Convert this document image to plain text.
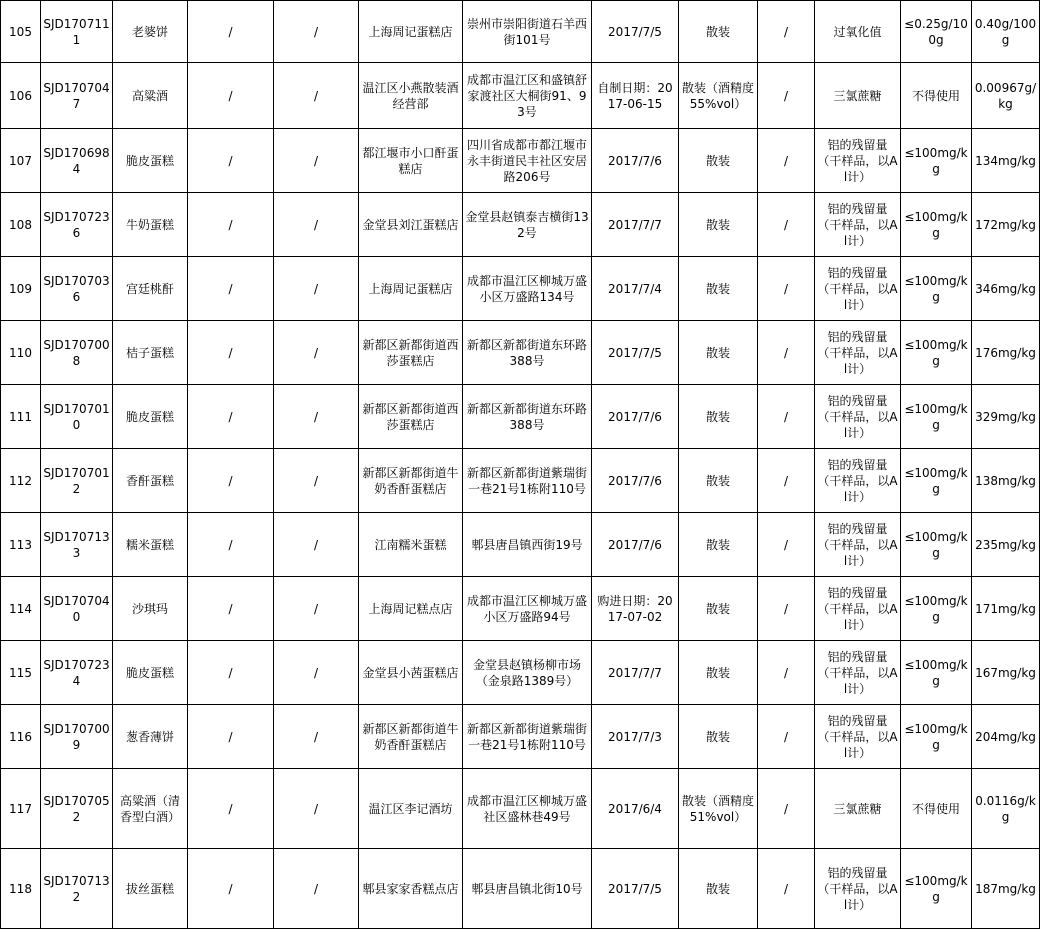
105	SJD1707111	老婆饼	/	/	上海周记蛋糕店	崇州市崇阳街道石羊西街101号	2017/7/5	散装	/	过氧化值	≤0.25g/100g	0.40g/100g
106	SJD1707047	高粱酒	/	/	温江区小燕散装酒经营部	成都市温江区和盛镇舒家渡社区大桐街91、93号	自制日期：2017-06-15	散装（酒精度55%vol）	/	三氯蔗糖	不得使用	0.00967g/kg
107	SJD1706984	脆皮蛋糕	/	/	都江堰市小口酐蛋糕店	四川省成都市都江堰市永丰街道民丰社区安居路206号	2017/7/6	散装	/	铝的残留量（干样品，以Al计）	≤100mg/kg	134mg/kg
108	SJD1707236	牛奶蛋糕	/	/	金堂县刘江蛋糕店	金堂县赵镇泰吉横街132号	2017/7/7	散装	/	铝的残留量（干样品，以Al计）	≤100mg/kg	172mg/kg
109	SJD1707036	宫廷桃酐	/	/	上海周记蛋糕店	成都市温江区柳城万盛小区万盛路134号	2017/7/4	散装	/	铝的残留量（干样品，以Al计）	≤100mg/kg	346mg/kg
110	SJD1707008	桔子蛋糕	/	/	新都区新都街道西莎蛋糕店	新都区新都街道东环路388号	2017/7/5	散装	/	铝的残留量（干样品，以Al计）	≤100mg/kg	176mg/kg
111	SJD1707010	脆皮蛋糕	/	/	新都区新都街道西莎蛋糕店	新都区新都街道东环路388号	2017/7/6	散装	/	铝的残留量（干样品，以Al计）	≤100mg/kg	329mg/kg
112	SJD1707012	香酐蛋糕	/	/	新都区新都街道牛奶香酐蛋糕店	新都区新都街道紫瑞街一巷21号1栋附110号	2017/7/6	散装	/	铝的残留量（干样品，以Al计）	≤100mg/kg	138mg/kg
113	SJD1707133	糯米蛋糕	/	/	江南糯米蛋糕	郫县唐昌镇西街19号	2017/7/6	散装	/	铝的残留量（干样品，以Al计）	≤100mg/kg	235mg/kg
114	SJD1707040	沙琪玛	/	/	上海周记糕点店	成都市温江区柳城万盛小区万盛路94号	购进日期：2017-07-02	散装	/	铝的残留量（干样品，以Al计）	≤100mg/kg	171mg/kg
115	SJD1707234	脆皮蛋糕	/	/	金堂县小茜蛋糕店	金堂县赵镇杨柳市场（金泉路1389号）	2017/7/7	散装	/	铝的残留量（干样品，以Al计）	≤100mg/kg	167mg/kg
116	SJD1707009	葱香薄饼	/	/	新都区新都街道牛奶香酐蛋糕店	新都区新都街道紫瑞街一巷21号1栋附110号	2017/7/3	散装	/	铝的残留量（干样品，以Al计）	≤100mg/kg	204mg/kg
117	SJD1707052	高粱酒（清香型白酒）	/	/	温江区李记酒坊	成都市温江区柳城万盛社区盛林巷49号	2017/6/4	散装（酒精度51%vol）	/	三氯蔗糖	不得使用	0.0116g/kg
118	SJD1707132	拔丝蛋糕	/	/	郫县家家香糕点店	郫县唐昌镇北街10号	2017/7/5	散装	/	铝的残留量（干样品，以Al计）	≤100mg/kg	187mg/kg
